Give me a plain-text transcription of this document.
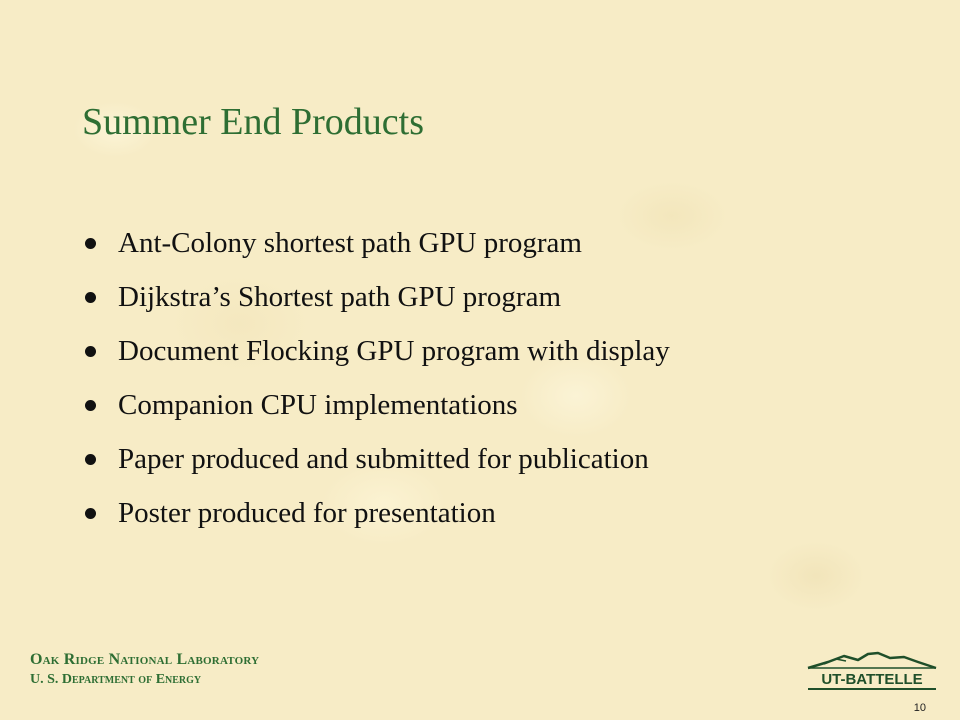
Summer End Products
Ant-Colony shortest path GPU program
Dijkstra’s Shortest path GPU program
Document Flocking GPU program with display
Companion CPU implementations
Paper produced and submitted for publication
Poster produced for presentation
Oak Ridge National Laboratory
U. S. Department of Energy	UT-BATTELLE
10
